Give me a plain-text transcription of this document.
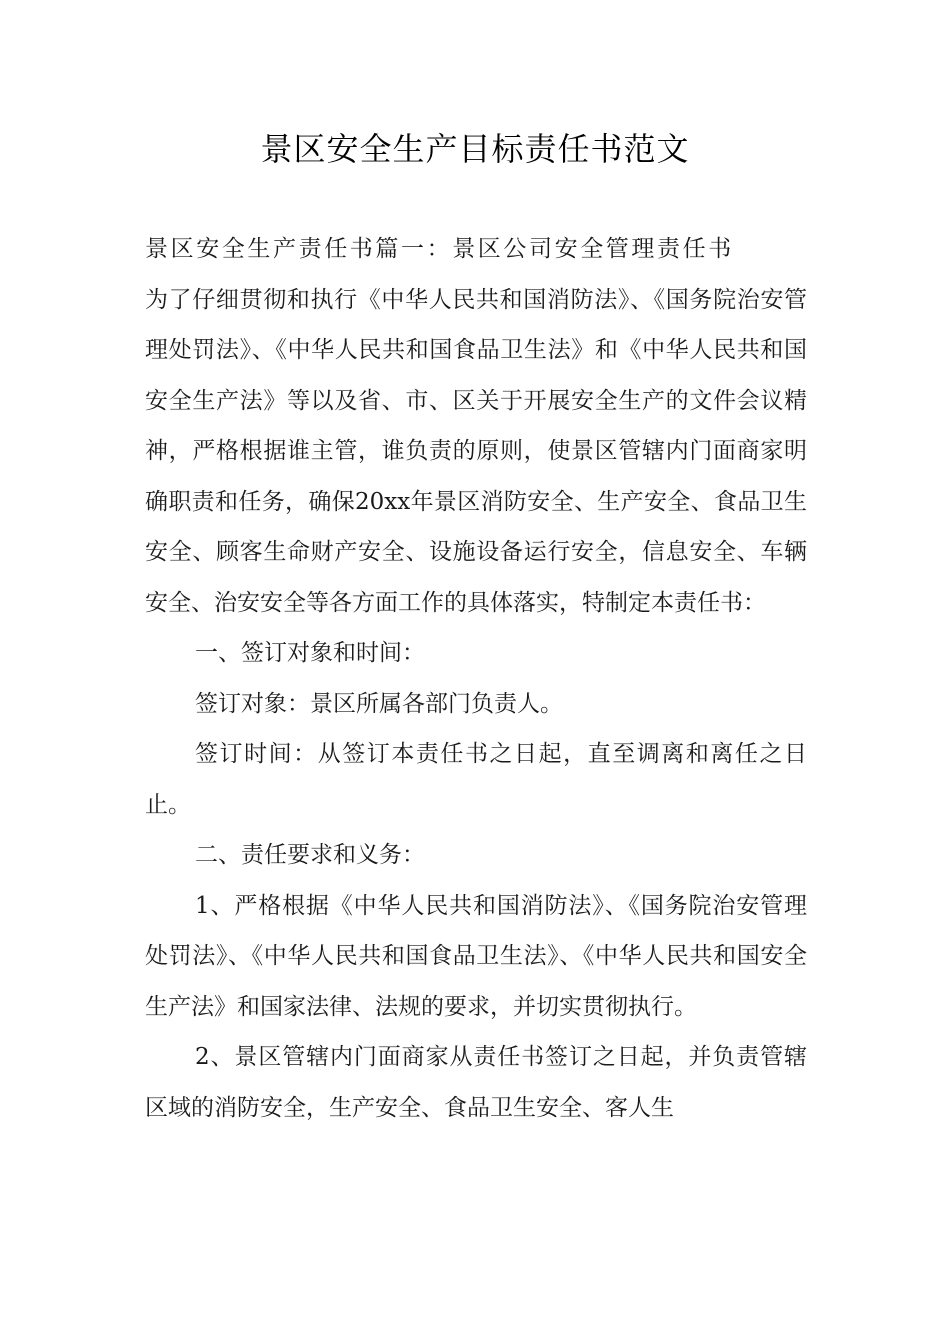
景区安全生产目标责任书范文

景区安全生产责任书篇一：景区公司安全管理责任书

为了仔细贯彻和执行《中华人民共和国消防法》、《国务院治安管理处罚法》、《中华人民共和国食品卫生法》和《中华人民共和国安全生产法》等以及省、市、区关于开展安全生产的文件会议精神，严格根据谁主管，谁负责的原则，使景区管辖内门面商家明确职责和任务，确保20xx年景区消防安全、生产安全、食品卫生安全、顾客生命财产安全、设施设备运行安全，信息安全、车辆安全、治安安全等各方面工作的具体落实，特制定本责任书：

一、签订对象和时间：

签订对象：景区所属各部门负责人。

签订时间：从签订本责任书之日起，直至调离和离任之日止。

二、责任要求和义务：

1、严格根据《中华人民共和国消防法》、《国务院治安管理处罚法》、《中华人民共和国食品卫生法》、《中华人民共和国安全生产法》和国家法律、法规的要求，并切实贯彻执行。

2、景区管辖内门面商家从责任书签订之日起，并负责管辖区域的消防安全，生产安全、食品卫生安全、客人生
